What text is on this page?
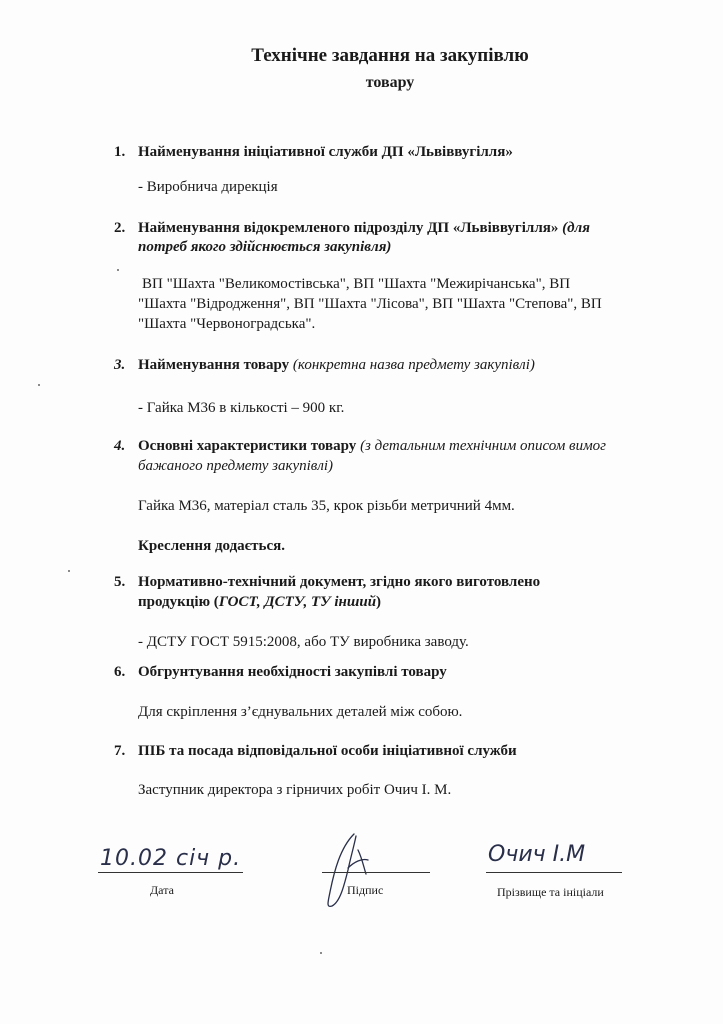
Технічне завдання на закупівлю
товару
1. Найменування ініціативної служби ДП «Львіввугілля»
- Виробнича дирекція
2. Найменування відокремленого підрозділу ДП «Львіввугілля» (для
потреб якого здійснюється закупівля)
ВП "Шахта "Великомостівська", ВП "Шахта "Межирічанська", ВП
"Шахта "Відродження", ВП "Шахта "Лісова", ВП "Шахта "Степова", ВП
"Шахта "Червоноградська".
3. Найменування товару (конкретна назва предмету закупівлі)
- Гайка М36 в кількості – 900 кг.
4. Основні характеристики товару (з детальним технічним описом вимог
бажаного предмету закупівлі)
Гайка М36, матеріал сталь 35, крок різьби метричний 4мм.
Креслення додається.
5. Нормативно-технічний документ, згідно якого виготовлено
продукцію (ГОСТ, ДСТУ, ТУ інший)
- ДСТУ ГОСТ 5915:2008, або ТУ виробника заводу.
6. Обгрунтування необхідності закупівлі товару
Для скріплення з’єднувальних деталей між собою.
7. ПІБ та посада відповідальної особи ініціативної служби
Заступник директора з гірничих робіт Очич І. М.
10.02 січ р.
Дата	Підпис
Очич І.М
Прізвище та ініціали
